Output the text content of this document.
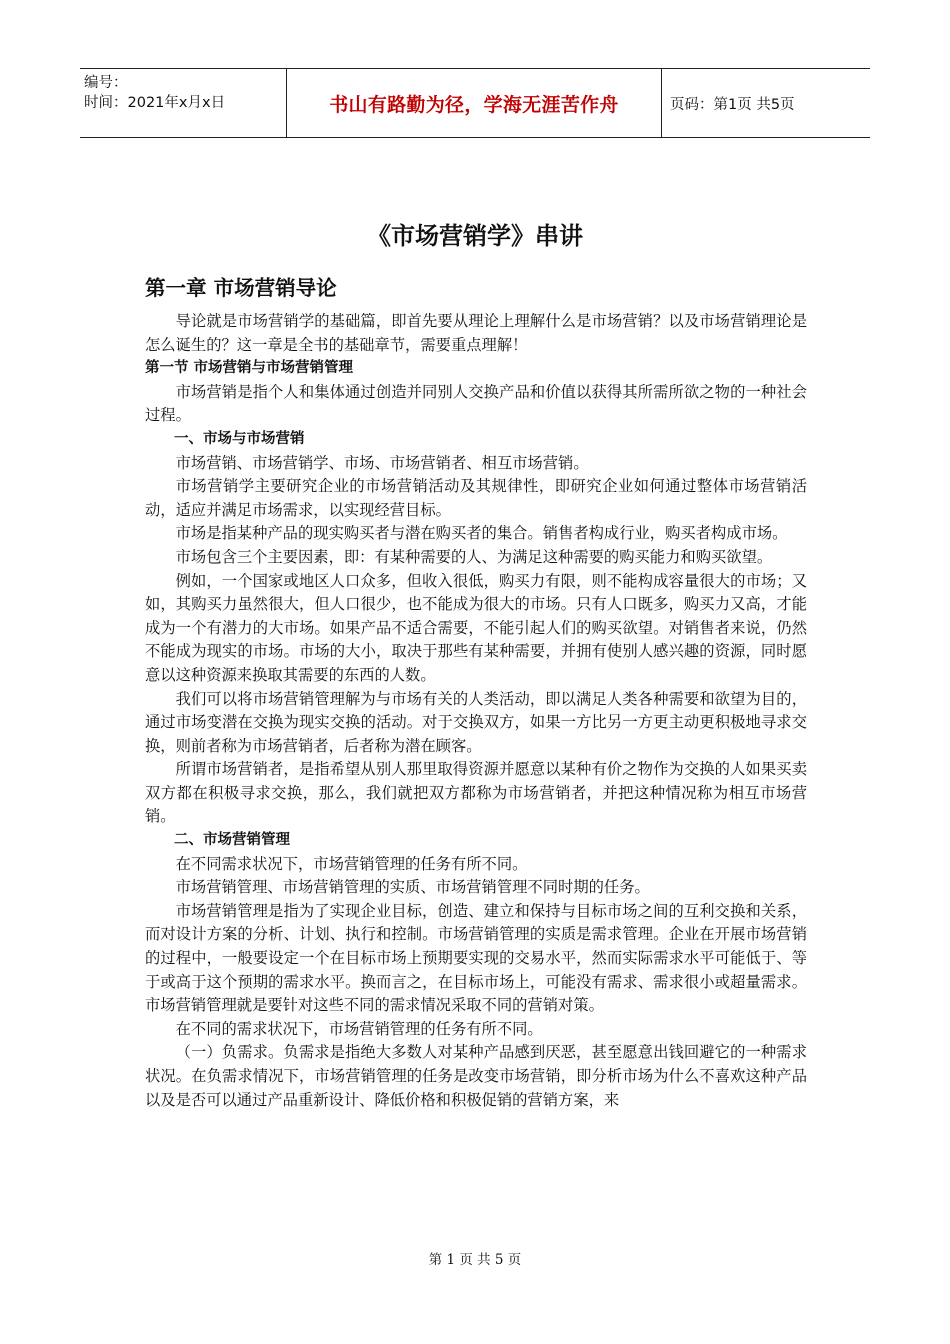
编号：
时间：2021年x月x日	书山有路勤为径，学海无涯苦作舟	页码：第1页 共5页
《市场营销学》串讲
第一章 市场营销导论

导论就是市场营销学的基础篇，即首先要从理论上理解什么是市场营销？以及市场营销理论是怎么诞生的？这一章是全书的基础章节，需要重点理解！

第一节 市场营销与市场营销管理

市场营销是指个人和集体通过创造并同别人交换产品和价值以获得其所需所欲之物的一种社会过程。

一、市场与市场营销

市场营销、市场营销学、市场、市场营销者、相互市场营销。

市场营销学主要研究企业的市场营销活动及其规律性，即研究企业如何通过整体市场营销活动，适应并满足市场需求，以实现经营目标。

市场是指某种产品的现实购买者与潜在购买者的集合。销售者构成行业，购买者构成市场。

市场包含三个主要因素，即：有某种需要的人、为满足这种需要的购买能力和购买欲望。

例如，一个国家或地区人口众多，但收入很低，购买力有限，则不能构成容量很大的市场；又如，其购买力虽然很大，但人口很少，也不能成为很大的市场。只有人口既多，购买力又高，才能成为一个有潜力的大市场。如果产品不适合需要，不能引起人们的购买欲望。对销售者来说，仍然不能成为现实的市场。市场的大小，取决于那些有某种需要，并拥有使别人感兴趣的资源，同时愿意以这种资源来换取其需要的东西的人数。

我们可以将市场营销管理解为与市场有关的人类活动，即以满足人类各种需要和欲望为目的，通过市场变潜在交换为现实交换的活动。对于交换双方，如果一方比另一方更主动更积极地寻求交换，则前者称为市场营销者，后者称为潜在顾客。

所谓市场营销者，是指希望从别人那里取得资源并愿意以某种有价之物作为交换的人如果买卖双方都在积极寻求交换，那么，我们就把双方都称为市场营销者，并把这种情况称为相互市场营销。

二、市场营销管理

在不同需求状况下，市场营销管理的任务有所不同。

市场营销管理、市场营销管理的实质、市场营销管理不同时期的任务。

市场营销管理是指为了实现企业目标，创造、建立和保持与目标市场之间的互利交换和关系，而对设计方案的分析、计划、执行和控制。市场营销管理的实质是需求管理。企业在开展市场营销的过程中，一般要设定一个在目标市场上预期要实现的交易水平，然而实际需求水平可能低于、等于或高于这个预期的需求水平。换而言之，在目标市场上，可能没有需求、需求很小或超量需求。市场营销管理就是要针对这些不同的需求情况采取不同的营销对策。

在不同的需求状况下，市场营销管理的任务有所不同。

（一）负需求。负需求是指绝大多数人对某种产品感到厌恶，甚至愿意出钱回避它的一种需求状况。在负需求情况下，市场营销管理的任务是改变市场营销，即分析市场为什么不喜欢这种产品以及是否可以通过产品重新设计、降低价格和积极促销的营销方案，来

第 1 页 共 5 页
